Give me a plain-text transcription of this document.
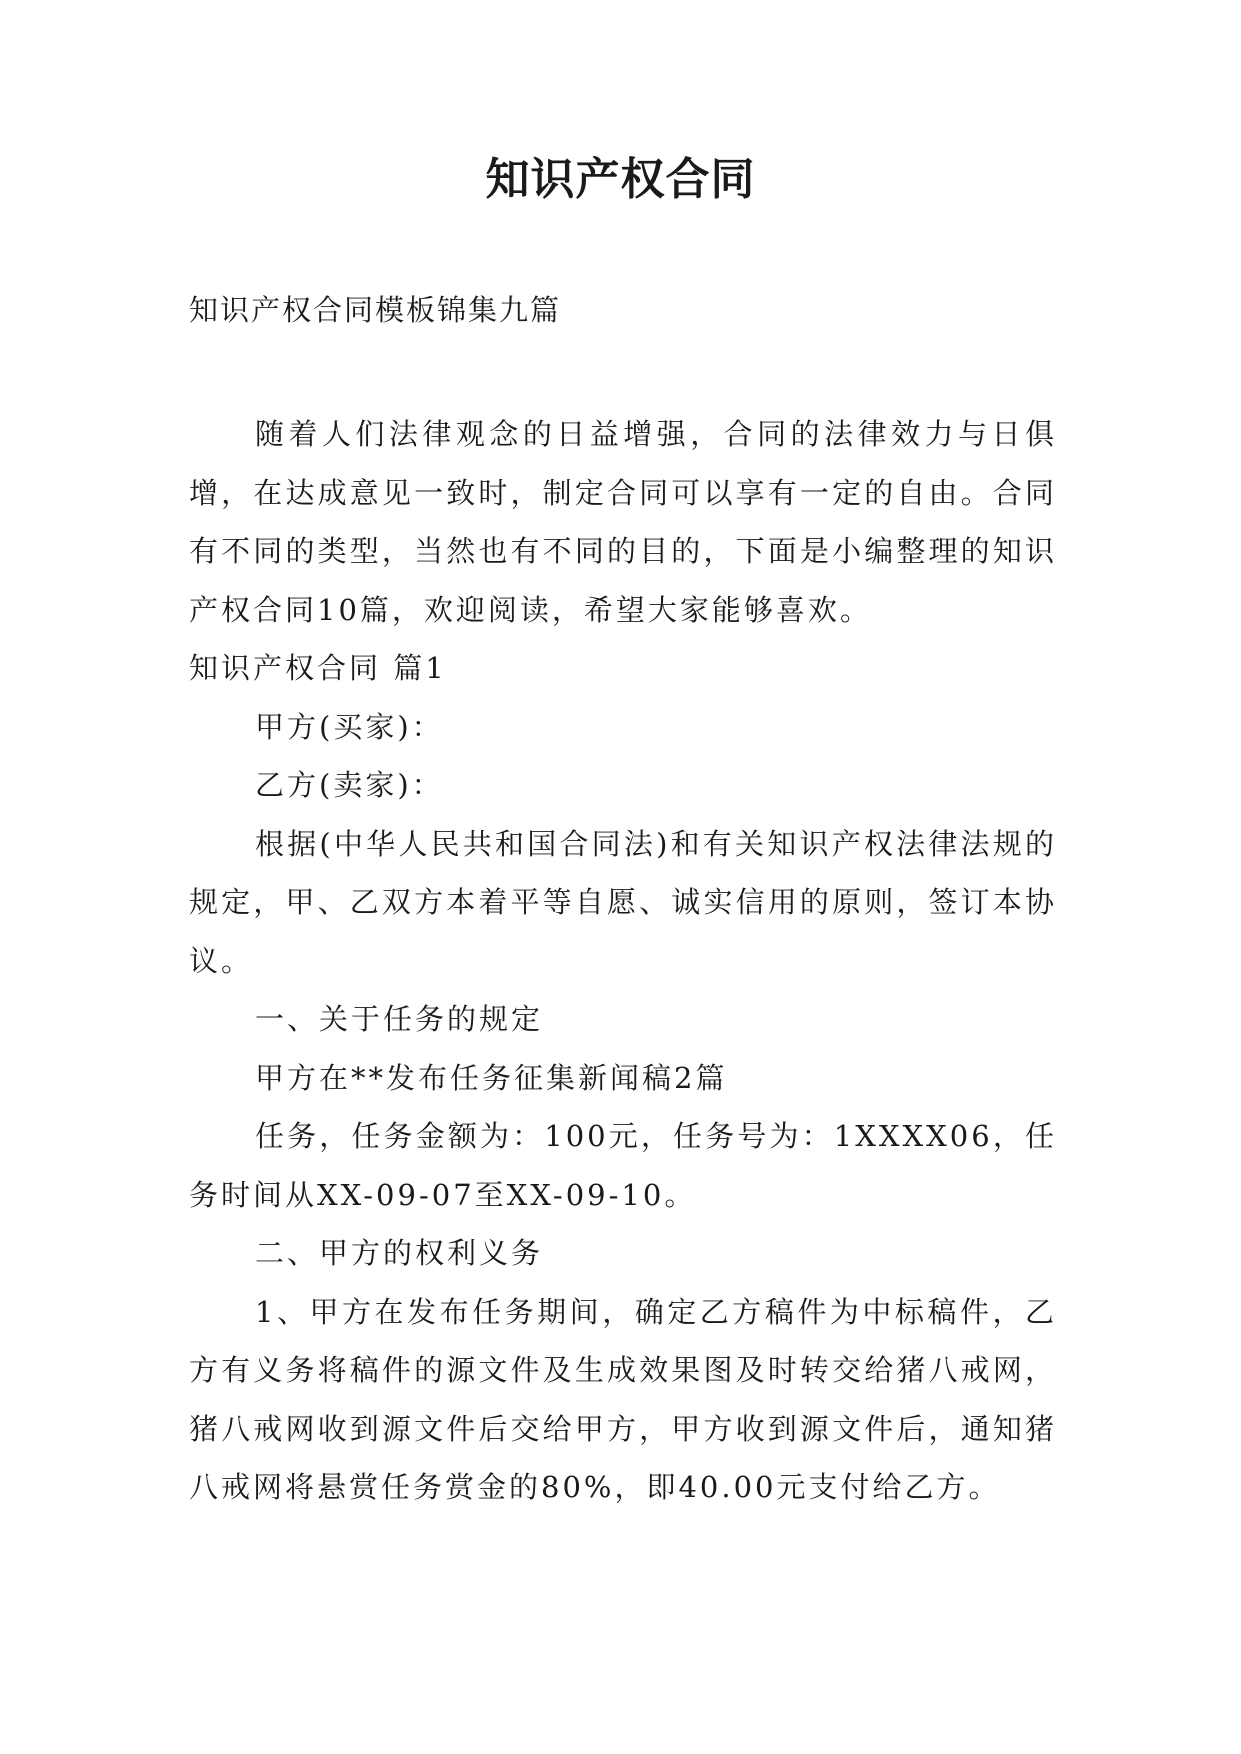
知识产权合同

知识产权合同模板锦集九篇

随着人们法律观念的日益增强，合同的法律效力与日俱增，在达成意见一致时，制定合同可以享有一定的自由。合同有不同的类型，当然也有不同的目的，下面是小编整理的知识产权合同10篇，欢迎阅读，希望大家能够喜欢。

知识产权合同 篇1

甲方(买家)：

乙方(卖家)：

根据(中华人民共和国合同法)和有关知识产权法律法规的规定，甲、乙双方本着平等自愿、诚实信用的原则，签订本协议。

一、关于任务的规定

甲方在**发布任务征集新闻稿2篇

任务，任务金额为：100元，任务号为：1XXXX06，任务时间从XX-09-07至XX-09-10。

二、甲方的权利义务

1、甲方在发布任务期间，确定乙方稿件为中标稿件，乙方有义务将稿件的源文件及生成效果图及时转交给猪八戒网，猪八戒网收到源文件后交给甲方，甲方收到源文件后，通知猪八戒网将悬赏任务赏金的80%，即40.00元支付给乙方。
